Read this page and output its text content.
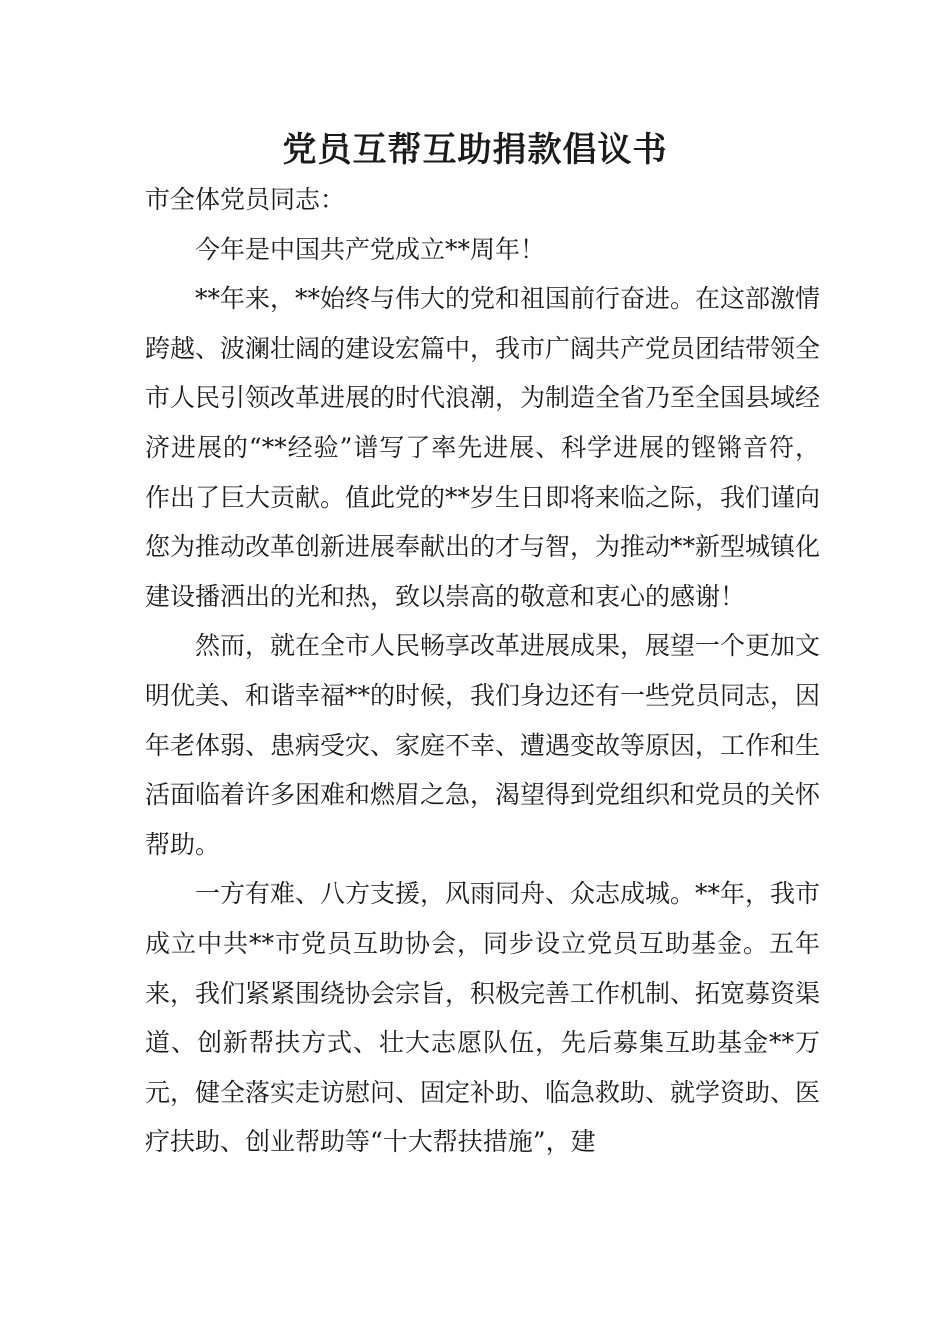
党员互帮互助捐款倡议书

市全体党员同志：

今年是中国共产党成立**周年！

**年来，**始终与伟大的党和祖国前行奋进。在这部激情跨越、波澜壮阔的建设宏篇中，我市广阔共产党员团结带领全市人民引领改革进展的时代浪潮，为制造全省乃至全国县域经济进展的“**经验”谱写了率先进展、科学进展的铿锵音符，作出了巨大贡献。值此党的**岁生日即将来临之际，我们谨向您为推动改革创新进展奉献出的才与智，为推动**新型城镇化建设播洒出的光和热，致以崇高的敬意和衷心的感谢！

然而，就在全市人民畅享改革进展成果，展望一个更加文明优美、和谐幸福**的时候，我们身边还有一些党员同志，因年老体弱、患病受灾、家庭不幸、遭遇变故等原因，工作和生活面临着许多困难和燃眉之急，渴望得到党组织和党员的关怀帮助。

一方有难、八方支援，风雨同舟、众志成城。**年，我市成立中共**市党员互助协会，同步设立党员互助基金。五年来，我们紧紧围绕协会宗旨，积极完善工作机制、拓宽募资渠道、创新帮扶方式、壮大志愿队伍，先后募集互助基金**万元，健全落实走访慰问、固定补助、临急救助、就学资助、医疗扶助、创业帮助等“十大帮扶措施”，建
